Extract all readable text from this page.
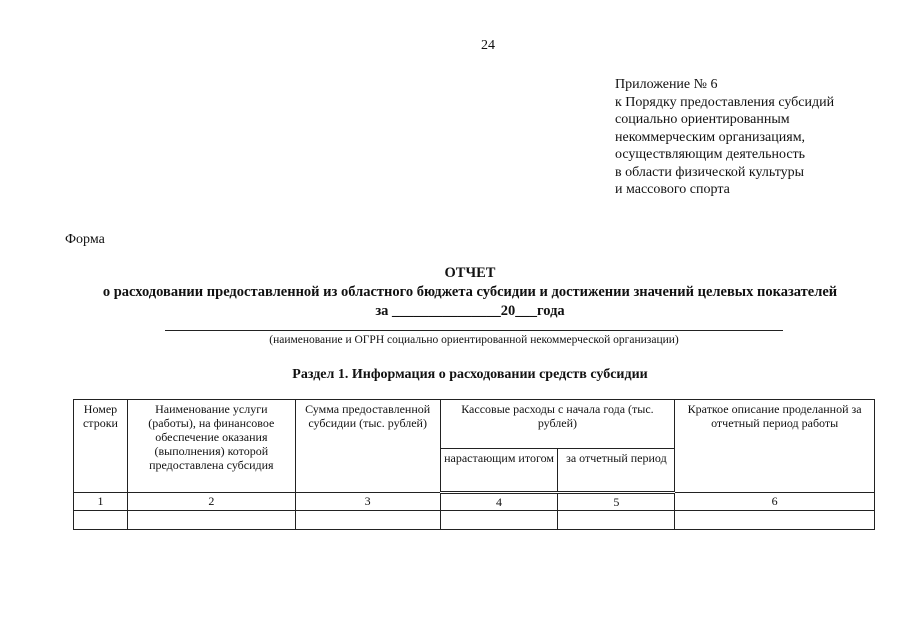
24
Приложение № 6
к Порядку предоставления субсидий
социально ориентированным
некоммерческим организациям,
осуществляющим деятельность
в области физической культуры
и массового спорта
Форма
ОТЧЕТ
о расходовании предоставленной из областного бюджета субсидии и достижении значений целевых показателей
за _______________20___года
(наименование и ОГРН социально ориентированной некоммерческой организации)
Раздел 1. Информация о расходовании средств субсидии
Номер строки	Наименование услуги (работы), на финансовое обеспечение оказания (выполнения) которой предоставлена субсидия	Сумма предоставленной субсидии (тыс. рублей)	Кассовые расходы с начала года (тыс. рублей)		Краткое описание проделанной за отчетный период работы
			нарастающим итогом	за отчетный период	
1	2	3	4	5	6
